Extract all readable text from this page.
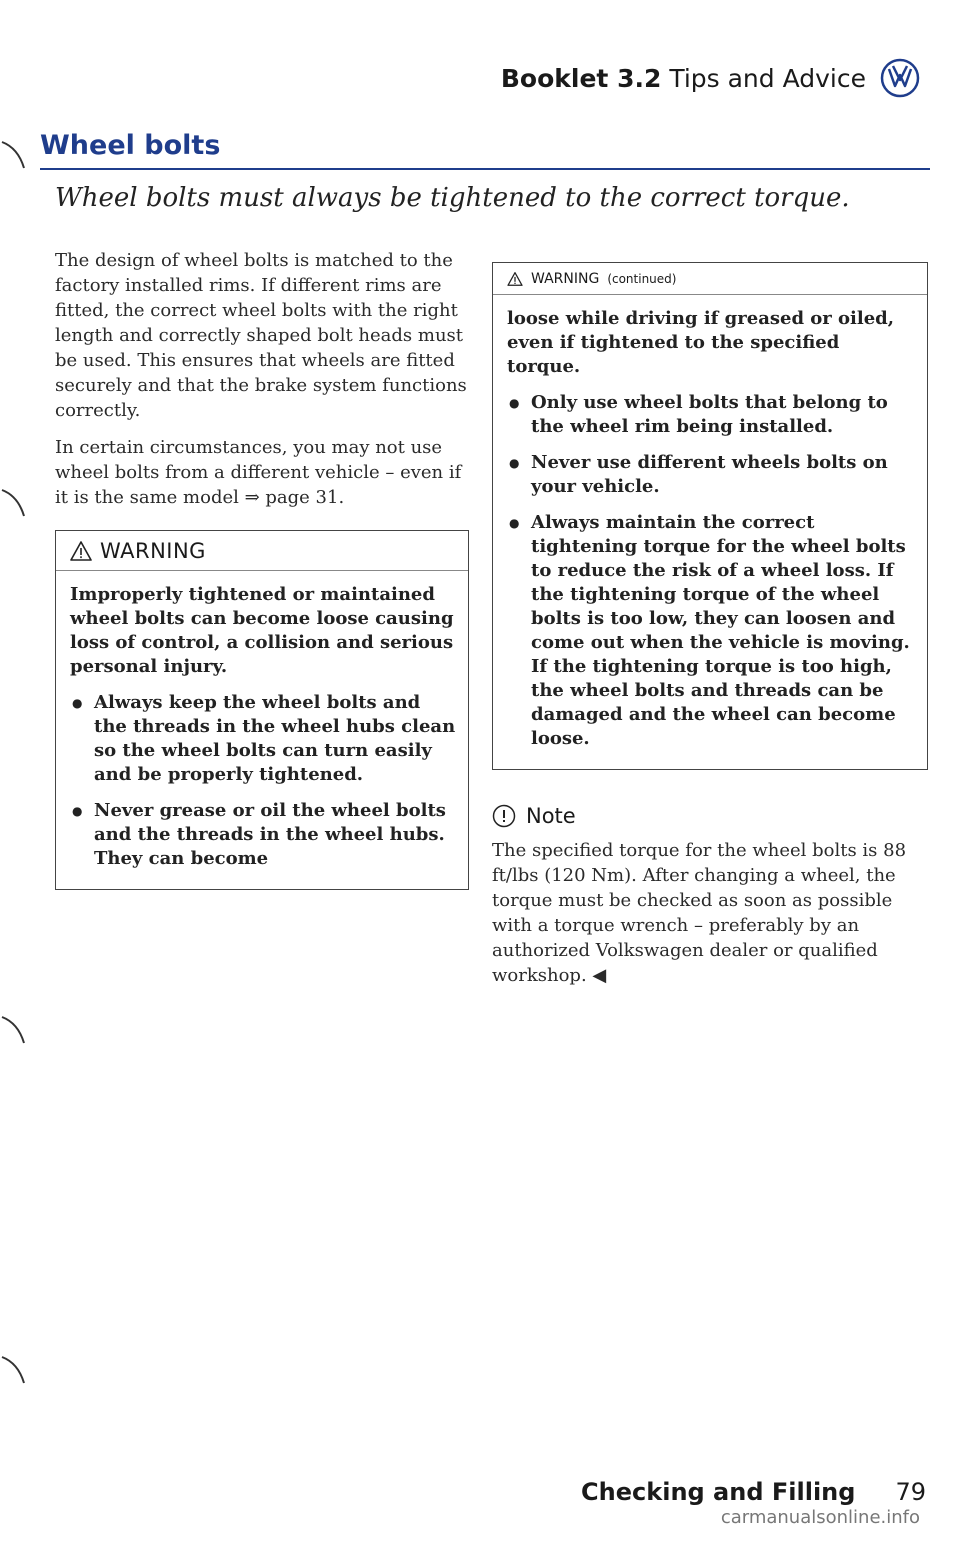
Booklet 3.2 Tips and Advice
Wheel bolts
Wheel bolts must always be tightened to the correct torque.

The design of wheel bolts is matched to the factory installed rims. If different rims are fitted, the correct wheel bolts with the right length and correctly shaped bolt heads must be used. This ensures that wheels are fitted securely and that the brake system functions correctly.

In certain circumstances, you may not use wheel bolts from a different vehicle – even if it is the same model ⇒ page 31.

WARNING

Improperly tightened or maintained wheel bolts can become loose causing loss of control, a collision and serious personal injury.

● Always keep the wheel bolts and the threads in the wheel hubs clean so the wheel bolts can turn easily and be properly tightened.
● Never grease or oil the wheel bolts and the threads in the wheel hubs. They can become
WARNING (continued)

loose while driving if greased or oiled, even if tightened to the specified torque.

● Only use wheel bolts that belong to the wheel rim being installed.
● Never use different wheels bolts on your vehicle.
● Always maintain the correct tightening torque for the wheel bolts to reduce the risk of a wheel loss. If the tightening torque of the wheel bolts is too low, they can loosen and come out when the vehicle is moving. If the tightening torque is too high, the wheel bolts and threads can be damaged and the wheel can become loose.
Note

The specified torque for the wheel bolts is 88 ft/lbs (120 Nm). After changing a wheel, the torque must be checked as soon as possible with a torque wrench – preferably by an authorized Volkswagen dealer or qualified workshop. ◀

Checking and Filling 79
carmanualsonline.info
